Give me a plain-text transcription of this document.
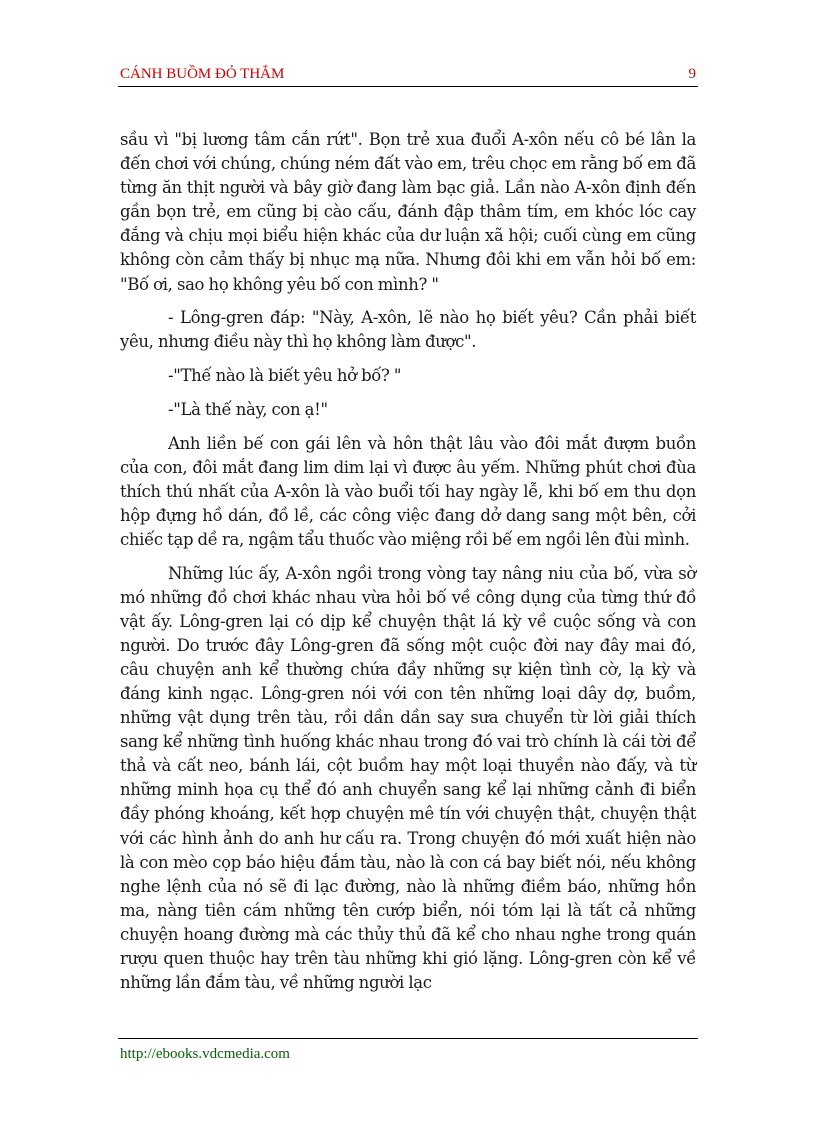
CÁNH BUỒM ĐỎ THẮM	9

sầu vì "bị lương tâm cắn rứt". Bọn trẻ xua đuổi A-xôn nếu cô bé lân la đến chơi với chúng, chúng ném đất vào em, trêu chọc em rằng bố em đã từng ăn thịt người và bây giờ đang làm bạc giả. Lần nào A-xôn định đến gần bọn trẻ, em cũng bị cào cấu, đánh đập thâm tím, em khóc lóc cay đắng và chịu mọi biểu hiện khác của dư luận xã hội; cuối cùng em cũng không còn cảm thấy bị nhục mạ nữa. Nhưng đôi khi em vẫn hỏi bố em: "Bố ơi, sao họ không yêu bố con mình? "

- Lông-gren đáp: "Này, A-xôn, lẽ nào họ biết yêu? Cần phải biết yêu, nhưng điều này thì họ không làm được".

-"Thế nào là biết yêu hở bố? "

-"Là thế này, con ạ!"

Anh liền bế con gái lên và hôn thật lâu vào đôi mắt đượm buồn của con, đôi mắt đang lim dim lại vì được âu yếm. Những phút chơi đùa thích thú nhất của A-xôn là vào buổi tối hay ngày lễ, khi bố em thu dọn hộp đựng hồ dán, đồ lề, các công việc đang dở dang sang một bên, cởi chiếc tạp dề ra, ngậm tẩu thuốc vào miệng rồi bế em ngồi lên đùi mình.

Những lúc ấy, A-xôn ngồi trong vòng tay nâng niu của bố, vừa sờ mó những đồ chơi khác nhau vừa hỏi bố về công dụng của từng thứ đồ vật ấy. Lông-gren lại có dịp kể chuyện thật lá kỳ về cuộc sống và con người. Do trước đây Lông-gren đã sống một cuộc đời nay đây mai đó, câu chuyện anh kể thường chứa đầy những sự kiện tình cờ, lạ kỳ và đáng kinh ngạc. Lông-gren nói với con tên những loại dây dợ, buồm, những vật dụng trên tàu, rồi dần dần say sưa chuyển từ lời giải thích sang kể những tình huống khác nhau trong đó vai trò chính là cái tời để thả và cất neo, bánh lái, cột buồm hay một loại thuyền nào đấy, và từ những minh họa cụ thể đó anh chuyển sang kể lại những cảnh đi biển đầy phóng khoáng, kết hợp chuyện mê tín với chuyện thật, chuyện thật với các hình ảnh do anh hư cấu ra. Trong chuyện đó mới xuất hiện nào là con mèo cọp báo hiệu đắm tàu, nào là con cá bay biết nói, nếu không nghe lệnh của nó sẽ đi lạc đường, nào là những điềm báo, những hồn ma, nàng tiên cám những tên cướp biển, nói tóm lại là tất cả những chuyện hoang đường mà các thủy thủ đã kể cho nhau nghe trong quán rượu quen thuộc hay trên tàu những khi gió lặng. Lông-gren còn kể về những lần đắm tàu, về những người lạc

http://ebooks.vdcmedia.com
